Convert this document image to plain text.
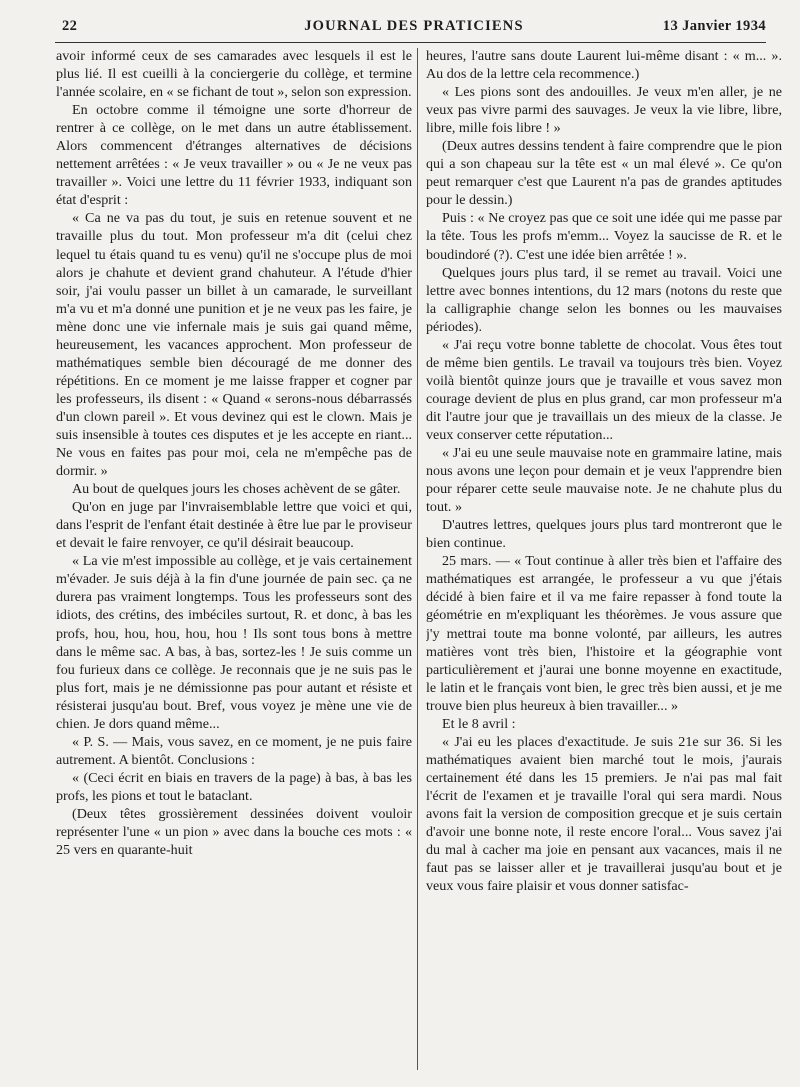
22	JOURNAL DES PRATICIENS	13 Janvier 1934

avoir informé ceux de ses camarades avec lesquels il est le plus lié. Il est cueilli à la conciergerie du collège, et termine l'année scolaire, en « se fichant de tout », selon son expression.

En octobre comme il témoigne une sorte d'horreur de rentrer à ce collège, on le met dans un autre établissement. Alors commencent d'étranges alternatives de décisions nettement arrêtées : « Je veux travailler » ou « Je ne veux pas travailler ». Voici une lettre du 11 février 1933, indiquant son état d'esprit :

« Ca ne va pas du tout, je suis en retenue souvent et ne travaille plus du tout. Mon professeur m'a dit (celui chez lequel tu étais quand tu es venu) qu'il ne s'occupe plus de moi alors je chahute et devient grand chahuteur. A l'étude d'hier soir, j'ai voulu passer un billet à un camarade, le surveillant m'a vu et m'a donné une punition et je ne veux pas les faire, je mène donc une vie infernale mais je suis gai quand même, heureusement, les vacances approchent. Mon professeur de mathématiques semble bien découragé de me donner des répétitions. En ce moment je me laisse frapper et cogner par les professeurs, ils disent : « Quand « serons-nous débarrassés d'un clown pareil ». Et vous devinez qui est le clown. Mais je suis insensible à toutes ces disputes et je les accepte en riant... Ne vous en faites pas pour moi, cela ne m'empêche pas de dormir. »

Au bout de quelques jours les choses achèvent de se gâter.

Qu'on en juge par l'invraisemblable lettre que voici et qui, dans l'esprit de l'enfant était destinée à être lue par le proviseur et devait le faire renvoyer, ce qu'il désirait beaucoup.

« La vie m'est impossible au collège, et je vais certainement m'évader. Je suis déjà à la fin d'une journée de pain sec. ça ne durera pas vraiment longtemps. Tous les professeurs sont des idiots, des crétins, des imbéciles surtout, R. et donc, à bas les profs, hou, hou, hou, hou, hou ! Ils sont tous bons à mettre dans le même sac. A bas, à bas, sortez-les ! Je suis comme un fou furieux dans ce collège. Je reconnais que je ne suis pas le plus fort, mais je ne démissionne pas pour autant et résiste et résisterai jusqu'au bout. Bref, vous voyez je mène une vie de chien. Je dors quand même...

« P. S. — Mais, vous savez, en ce moment, je ne puis faire autrement. A bientôt. Conclusions :

« (Ceci écrit en biais en travers de la page) à bas, à bas les profs, les pions et tout le bataclant.

(Deux têtes grossièrement dessinées doivent vouloir représenter l'une « un pion » avec dans la bouche ces mots : « 25 vers en quarante-huit

heures, l'autre sans doute Laurent lui-même disant : « m... ». Au dos de la lettre cela recommence.)

« Les pions sont des andouilles. Je veux m'en aller, je ne veux pas vivre parmi des sauvages. Je veux la vie libre, libre, libre, mille fois libre ! »

(Deux autres dessins tendent à faire comprendre que le pion qui a son chapeau sur la tête est « un mal élevé ». Ce qu'on peut remarquer c'est que Laurent n'a pas de grandes aptitudes pour le dessin.)

Puis : « Ne croyez pas que ce soit une idée qui me passe par la tête. Tous les profs m'emm... Voyez la saucisse de R. et le boudindoré (?). C'est une idée bien arrêtée ! ».

Quelques jours plus tard, il se remet au travail. Voici une lettre avec bonnes intentions, du 12 mars (notons du reste que la calligraphie change selon les bonnes ou les mauvaises périodes).

« J'ai reçu votre bonne tablette de chocolat. Vous êtes tout de même bien gentils. Le travail va toujours très bien. Voyez voilà bientôt quinze jours que je travaille et vous savez mon courage devient de plus en plus grand, car mon professeur m'a dit l'autre jour que je travaillais un des mieux de la classe. Je veux conserver cette réputation...

« J'ai eu une seule mauvaise note en grammaire latine, mais nous avons une leçon pour demain et je veux l'apprendre bien pour réparer cette seule mauvaise note. Je ne chahute plus du tout. »

D'autres lettres, quelques jours plus tard montreront que le bien continue.

25 mars. — « Tout continue à aller très bien et l'affaire des mathématiques est arrangée, le professeur a vu que j'étais décidé à bien faire et il va me faire repasser à fond toute la géométrie en m'expliquant les théorèmes. Je vous assure que j'y mettrai toute ma bonne volonté, par ailleurs, les autres matières vont très bien, l'histoire et la géographie vont particulièrement et j'aurai une bonne moyenne en exactitude, le latin et le français vont bien, le grec très bien aussi, et je me trouve bien plus heureux à bien travailler... »

Et le 8 avril :

« J'ai eu les places d'exactitude. Je suis 21e sur 36. Si les mathématiques avaient bien marché tout le mois, j'aurais certainement été dans les 15 premiers. Je n'ai pas mal fait l'écrit de l'examen et je travaille l'oral qui sera mardi. Nous avons fait la version de composition grecque et je suis certain d'avoir une bonne note, il reste encore l'oral... Vous savez j'ai du mal à cacher ma joie en pensant aux vacances, mais il ne faut pas se laisser aller et je travaillerai jusqu'au bout et je veux vous faire plaisir et vous donner satisfac-
